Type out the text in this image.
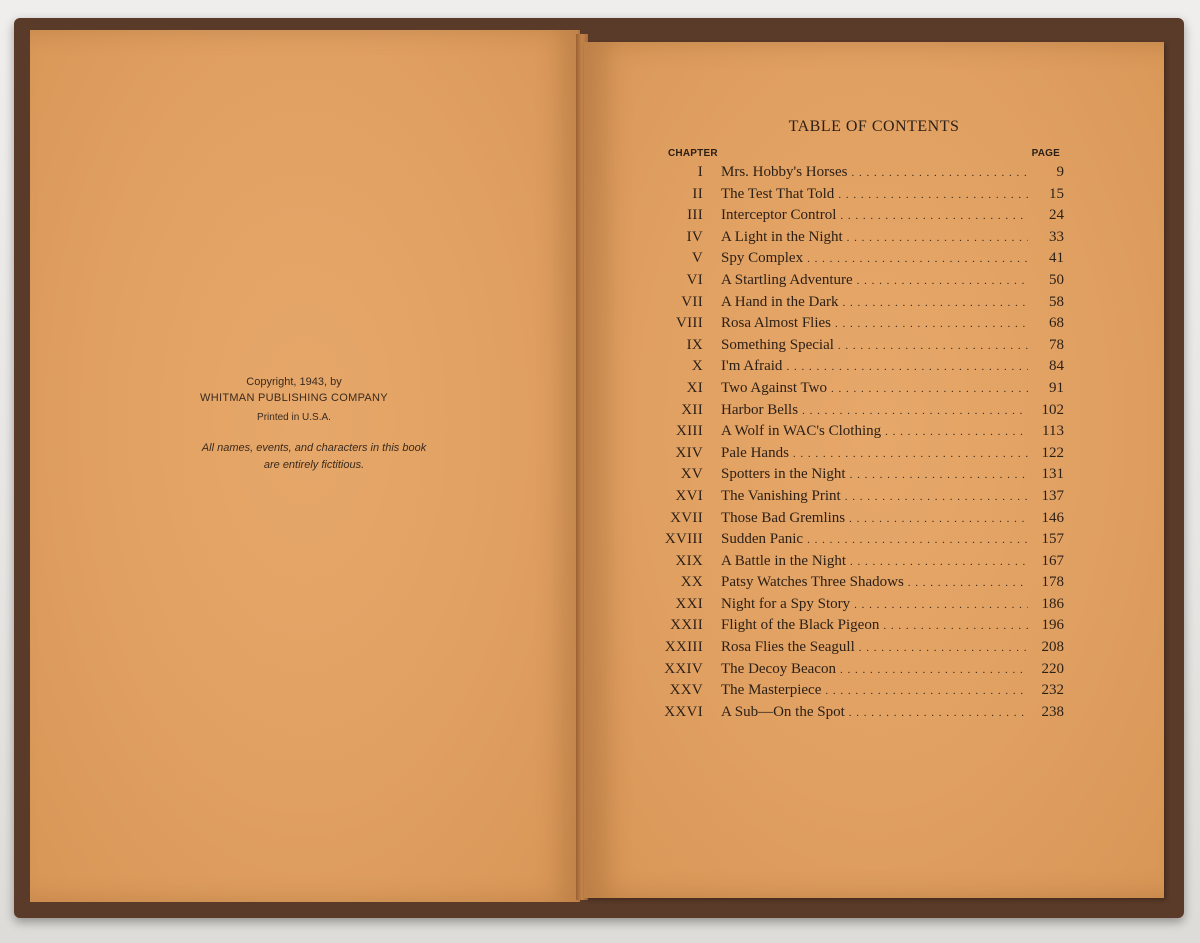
Copyright, 1943, by
WHITMAN PUBLISHING COMPANY
Printed in U.S.A.
All names, events, and characters in this book
are entirely fictitious.
TABLE OF CONTENTS
CHAPTER	PAGE
I	Mrs. Hobby's Horses . . .	9
II	The Test That Told . . .	15
III	Interceptor Control . . .	24
IV	A Light in the Night . . .	33
V	Spy Complex . . .	41
VI	A Startling Adventure . . .	50
VII	A Hand in the Dark . . .	58
VIII	Rosa Almost Flies . . .	68
IX	Something Special . . .	78
X	I'm Afraid . . .	84
XI	Two Against Two . . .	91
XII	Harbor Bells . . .	102
XIII	A Wolf in WAC's Clothing . . .	113
XIV	Pale Hands . . .	122
XV	Spotters in the Night . . .	131
XVI	The Vanishing Print . . .	137
XVII	Those Bad Gremlins . . .	146
XVIII	Sudden Panic . . .	157
XIX	A Battle in the Night . . .	167
XX	Patsy Watches Three Shadows . . .	178
XXI	Night for a Spy Story . . .	186
XXII	Flight of the Black Pigeon . . .	196
XXIII	Rosa Flies the Seagull . . .	208
XXIV	The Decoy Beacon . . .	220
XXV	The Masterpiece . . .	232
XXVI	A Sub—On the Spot . . .	238
